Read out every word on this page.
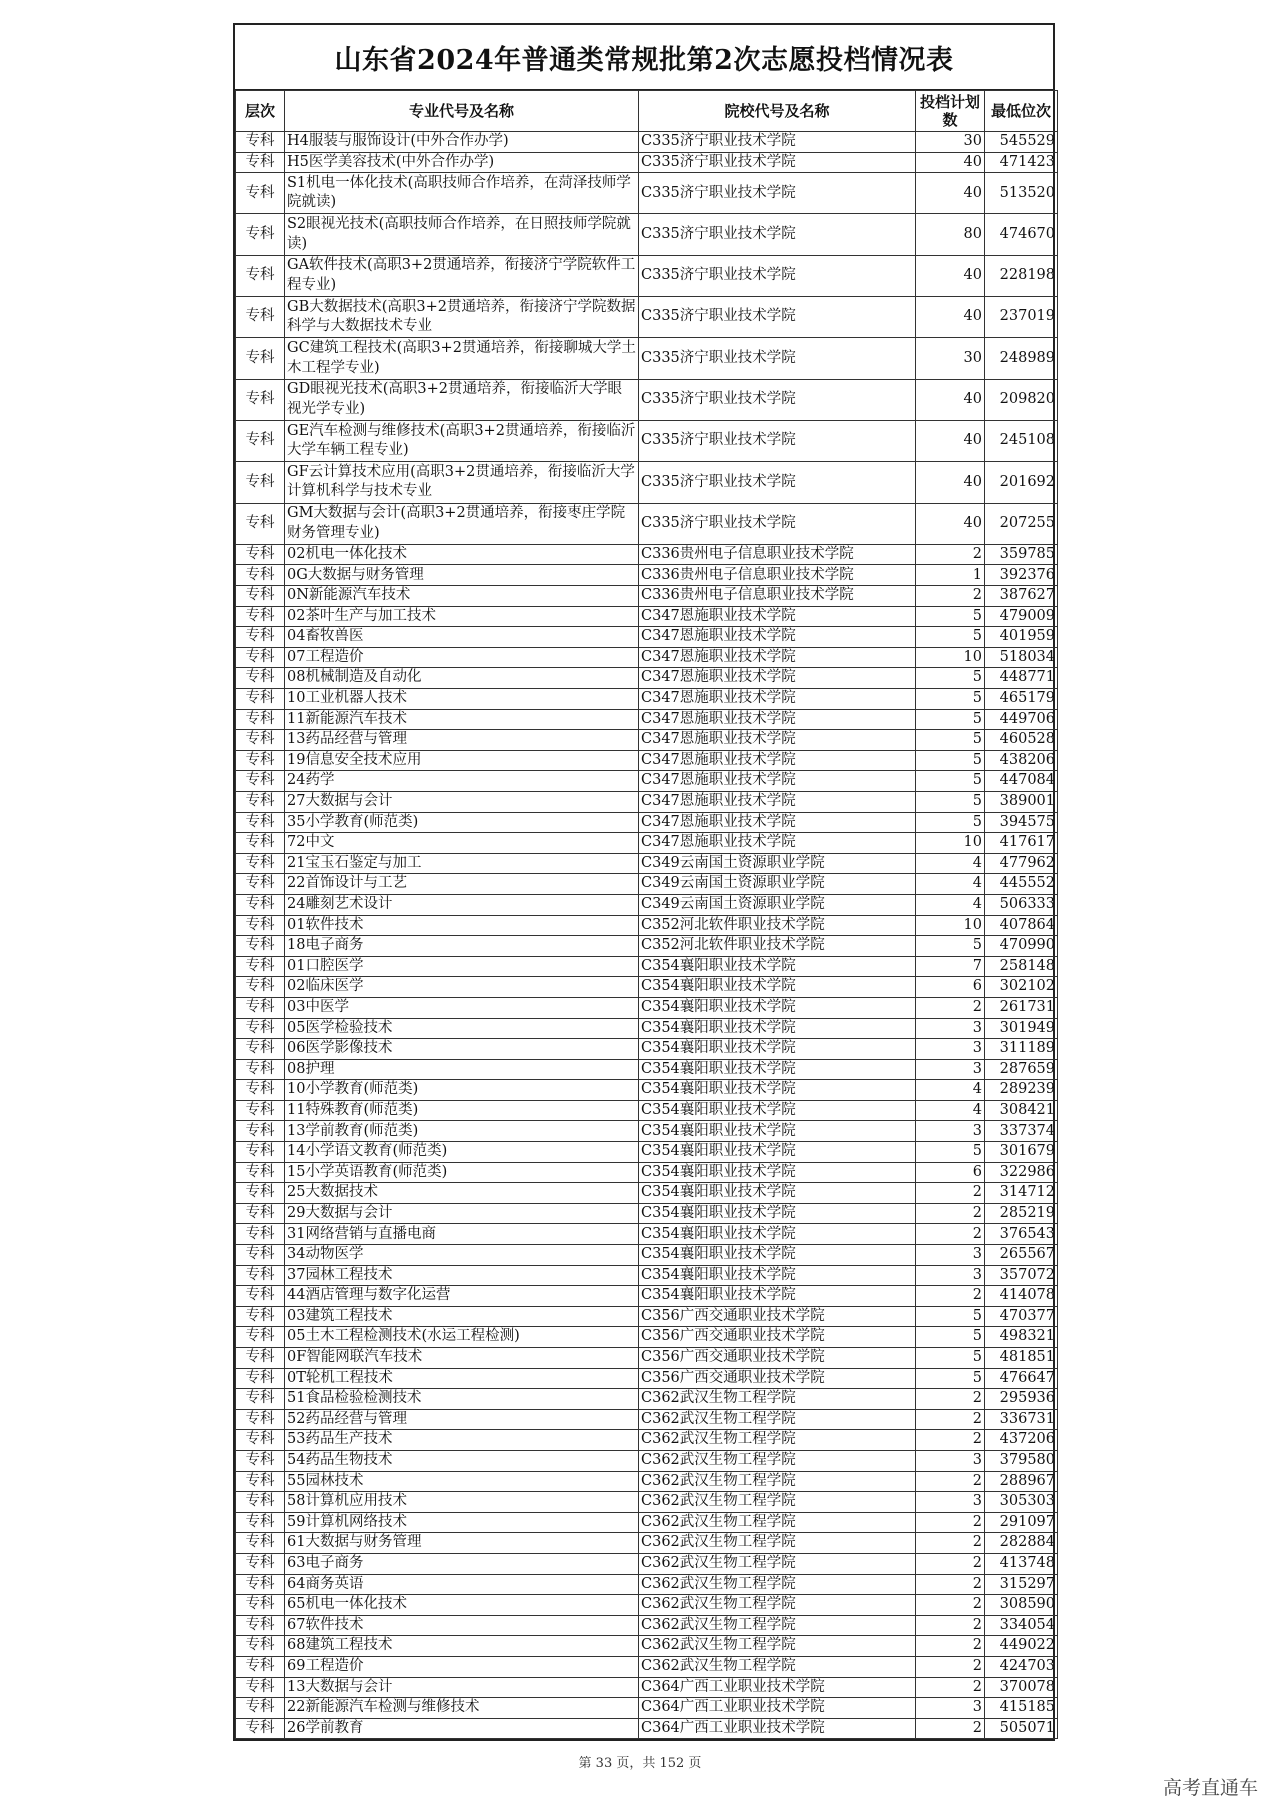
山东省2024年普通类常规批第2次志愿投档情况表
层次	专业代号及名称	院校代号及名称	投档计划数	最低位次
专科	H4服装与服饰设计(中外合作办学)	C335济宁职业技术学院	30	545529
专科	H5医学美容技术(中外合作办学)	C335济宁职业技术学院	40	471423
专科	S1机电一体化技术(高职技师合作培养，在菏泽技师学院就读)	C335济宁职业技术学院	40	513520
专科	S2眼视光技术(高职技师合作培养，在日照技师学院就读)	C335济宁职业技术学院	80	474670
专科	GA软件技术(高职3+2贯通培养，衔接济宁学院软件工程专业)	C335济宁职业技术学院	40	228198
专科	GB大数据技术(高职3+2贯通培养，衔接济宁学院数据科学与大数据技术专业	C335济宁职业技术学院	40	237019
专科	GC建筑工程技术(高职3+2贯通培养，衔接聊城大学土木工程学专业)	C335济宁职业技术学院	30	248989
专科	GD眼视光技术(高职3+2贯通培养，衔接临沂大学眼视光学专业)	C335济宁职业技术学院	40	209820
专科	GE汽车检测与维修技术(高职3+2贯通培养，衔接临沂大学车辆工程专业)	C335济宁职业技术学院	40	245108
专科	GF云计算技术应用(高职3+2贯通培养，衔接临沂大学计算机科学与技术专业	C335济宁职业技术学院	40	201692
专科	GM大数据与会计(高职3+2贯通培养，衔接枣庄学院财务管理专业)	C335济宁职业技术学院	40	207255
专科	02机电一体化技术	C336贵州电子信息职业技术学院	2	359785
专科	0G大数据与财务管理	C336贵州电子信息职业技术学院	1	392376
专科	0N新能源汽车技术	C336贵州电子信息职业技术学院	2	387627
专科	02茶叶生产与加工技术	C347恩施职业技术学院	5	479009
专科	04畜牧兽医	C347恩施职业技术学院	5	401959
专科	07工程造价	C347恩施职业技术学院	10	518034
专科	08机械制造及自动化	C347恩施职业技术学院	5	448771
专科	10工业机器人技术	C347恩施职业技术学院	5	465179
专科	11新能源汽车技术	C347恩施职业技术学院	5	449706
专科	13药品经营与管理	C347恩施职业技术学院	5	460528
专科	19信息安全技术应用	C347恩施职业技术学院	5	438206
专科	24药学	C347恩施职业技术学院	5	447084
专科	27大数据与会计	C347恩施职业技术学院	5	389001
专科	35小学教育(师范类)	C347恩施职业技术学院	5	394575
专科	72中文	C347恩施职业技术学院	10	417617
专科	21宝玉石鉴定与加工	C349云南国土资源职业学院	4	477962
专科	22首饰设计与工艺	C349云南国土资源职业学院	4	445552
专科	24雕刻艺术设计	C349云南国土资源职业学院	4	506333
专科	01软件技术	C352河北软件职业技术学院	10	407864
专科	18电子商务	C352河北软件职业技术学院	5	470990
专科	01口腔医学	C354襄阳职业技术学院	7	258148
专科	02临床医学	C354襄阳职业技术学院	6	302102
专科	03中医学	C354襄阳职业技术学院	2	261731
专科	05医学检验技术	C354襄阳职业技术学院	3	301949
专科	06医学影像技术	C354襄阳职业技术学院	3	311189
专科	08护理	C354襄阳职业技术学院	3	287659
专科	10小学教育(师范类)	C354襄阳职业技术学院	4	289239
专科	11特殊教育(师范类)	C354襄阳职业技术学院	4	308421
专科	13学前教育(师范类)	C354襄阳职业技术学院	3	337374
专科	14小学语文教育(师范类)	C354襄阳职业技术学院	5	301679
专科	15小学英语教育(师范类)	C354襄阳职业技术学院	6	322986
专科	25大数据技术	C354襄阳职业技术学院	2	314712
专科	29大数据与会计	C354襄阳职业技术学院	2	285219
专科	31网络营销与直播电商	C354襄阳职业技术学院	2	376543
专科	34动物医学	C354襄阳职业技术学院	3	265567
专科	37园林工程技术	C354襄阳职业技术学院	3	357072
专科	44酒店管理与数字化运营	C354襄阳职业技术学院	2	414078
专科	03建筑工程技术	C356广西交通职业技术学院	5	470377
专科	05土木工程检测技术(水运工程检测)	C356广西交通职业技术学院	5	498321
专科	0F智能网联汽车技术	C356广西交通职业技术学院	5	481851
专科	0T轮机工程技术	C356广西交通职业技术学院	5	476647
专科	51食品检验检测技术	C362武汉生物工程学院	2	295936
专科	52药品经营与管理	C362武汉生物工程学院	2	336731
专科	53药品生产技术	C362武汉生物工程学院	2	437206
专科	54药品生物技术	C362武汉生物工程学院	3	379580
专科	55园林技术	C362武汉生物工程学院	2	288967
专科	58计算机应用技术	C362武汉生物工程学院	3	305303
专科	59计算机网络技术	C362武汉生物工程学院	2	291097
专科	61大数据与财务管理	C362武汉生物工程学院	2	282884
专科	63电子商务	C362武汉生物工程学院	2	413748
专科	64商务英语	C362武汉生物工程学院	2	315297
专科	65机电一体化技术	C362武汉生物工程学院	2	308590
专科	67软件技术	C362武汉生物工程学院	2	334054
专科	68建筑工程技术	C362武汉生物工程学院	2	449022
专科	69工程造价	C362武汉生物工程学院	2	424703
专科	13大数据与会计	C364广西工业职业技术学院	2	370078
专科	22新能源汽车检测与维修技术	C364广西工业职业技术学院	3	415185
专科	26学前教育	C364广西工业职业技术学院	2	505071
第 33 页，共 152 页
高考直通车
